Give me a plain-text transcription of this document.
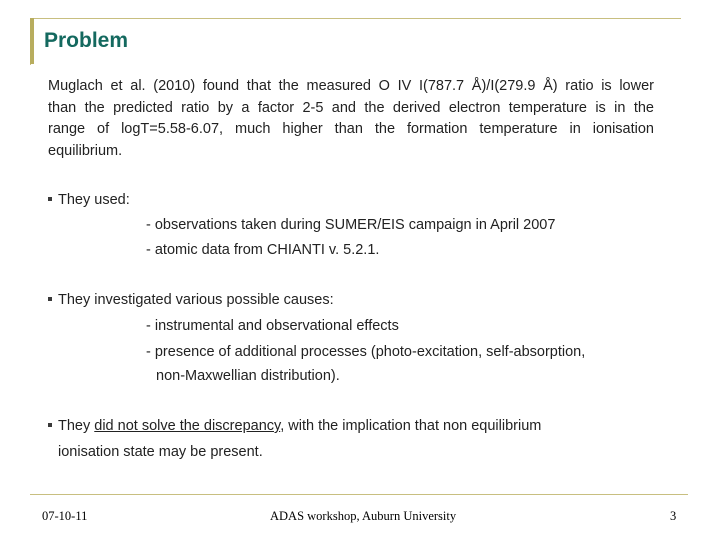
Problem

Muglach et al. (2010) found that the measured O IV I(787.7 Å)/I(279.9 Å) ratio is lower
than the predicted ratio by a factor 2-5 and the derived electron temperature is in the
range of logT=5.58-6.07, much higher than the formation temperature in ionisation
equilibrium.

They used:
- observations taken during SUMER/EIS campaign in April 2007
- atomic data from CHIANTI v. 5.2.1.
They investigated various possible causes:
- instrumental and observational effects
- presence of additional processes (photo-excitation, self-absorption,
non-Maxwellian distribution).
They did not solve the discrepancy, with the implication that non equilibrium
ionisation state may be present.
07-10-11	ADAS workshop, Auburn University	3
